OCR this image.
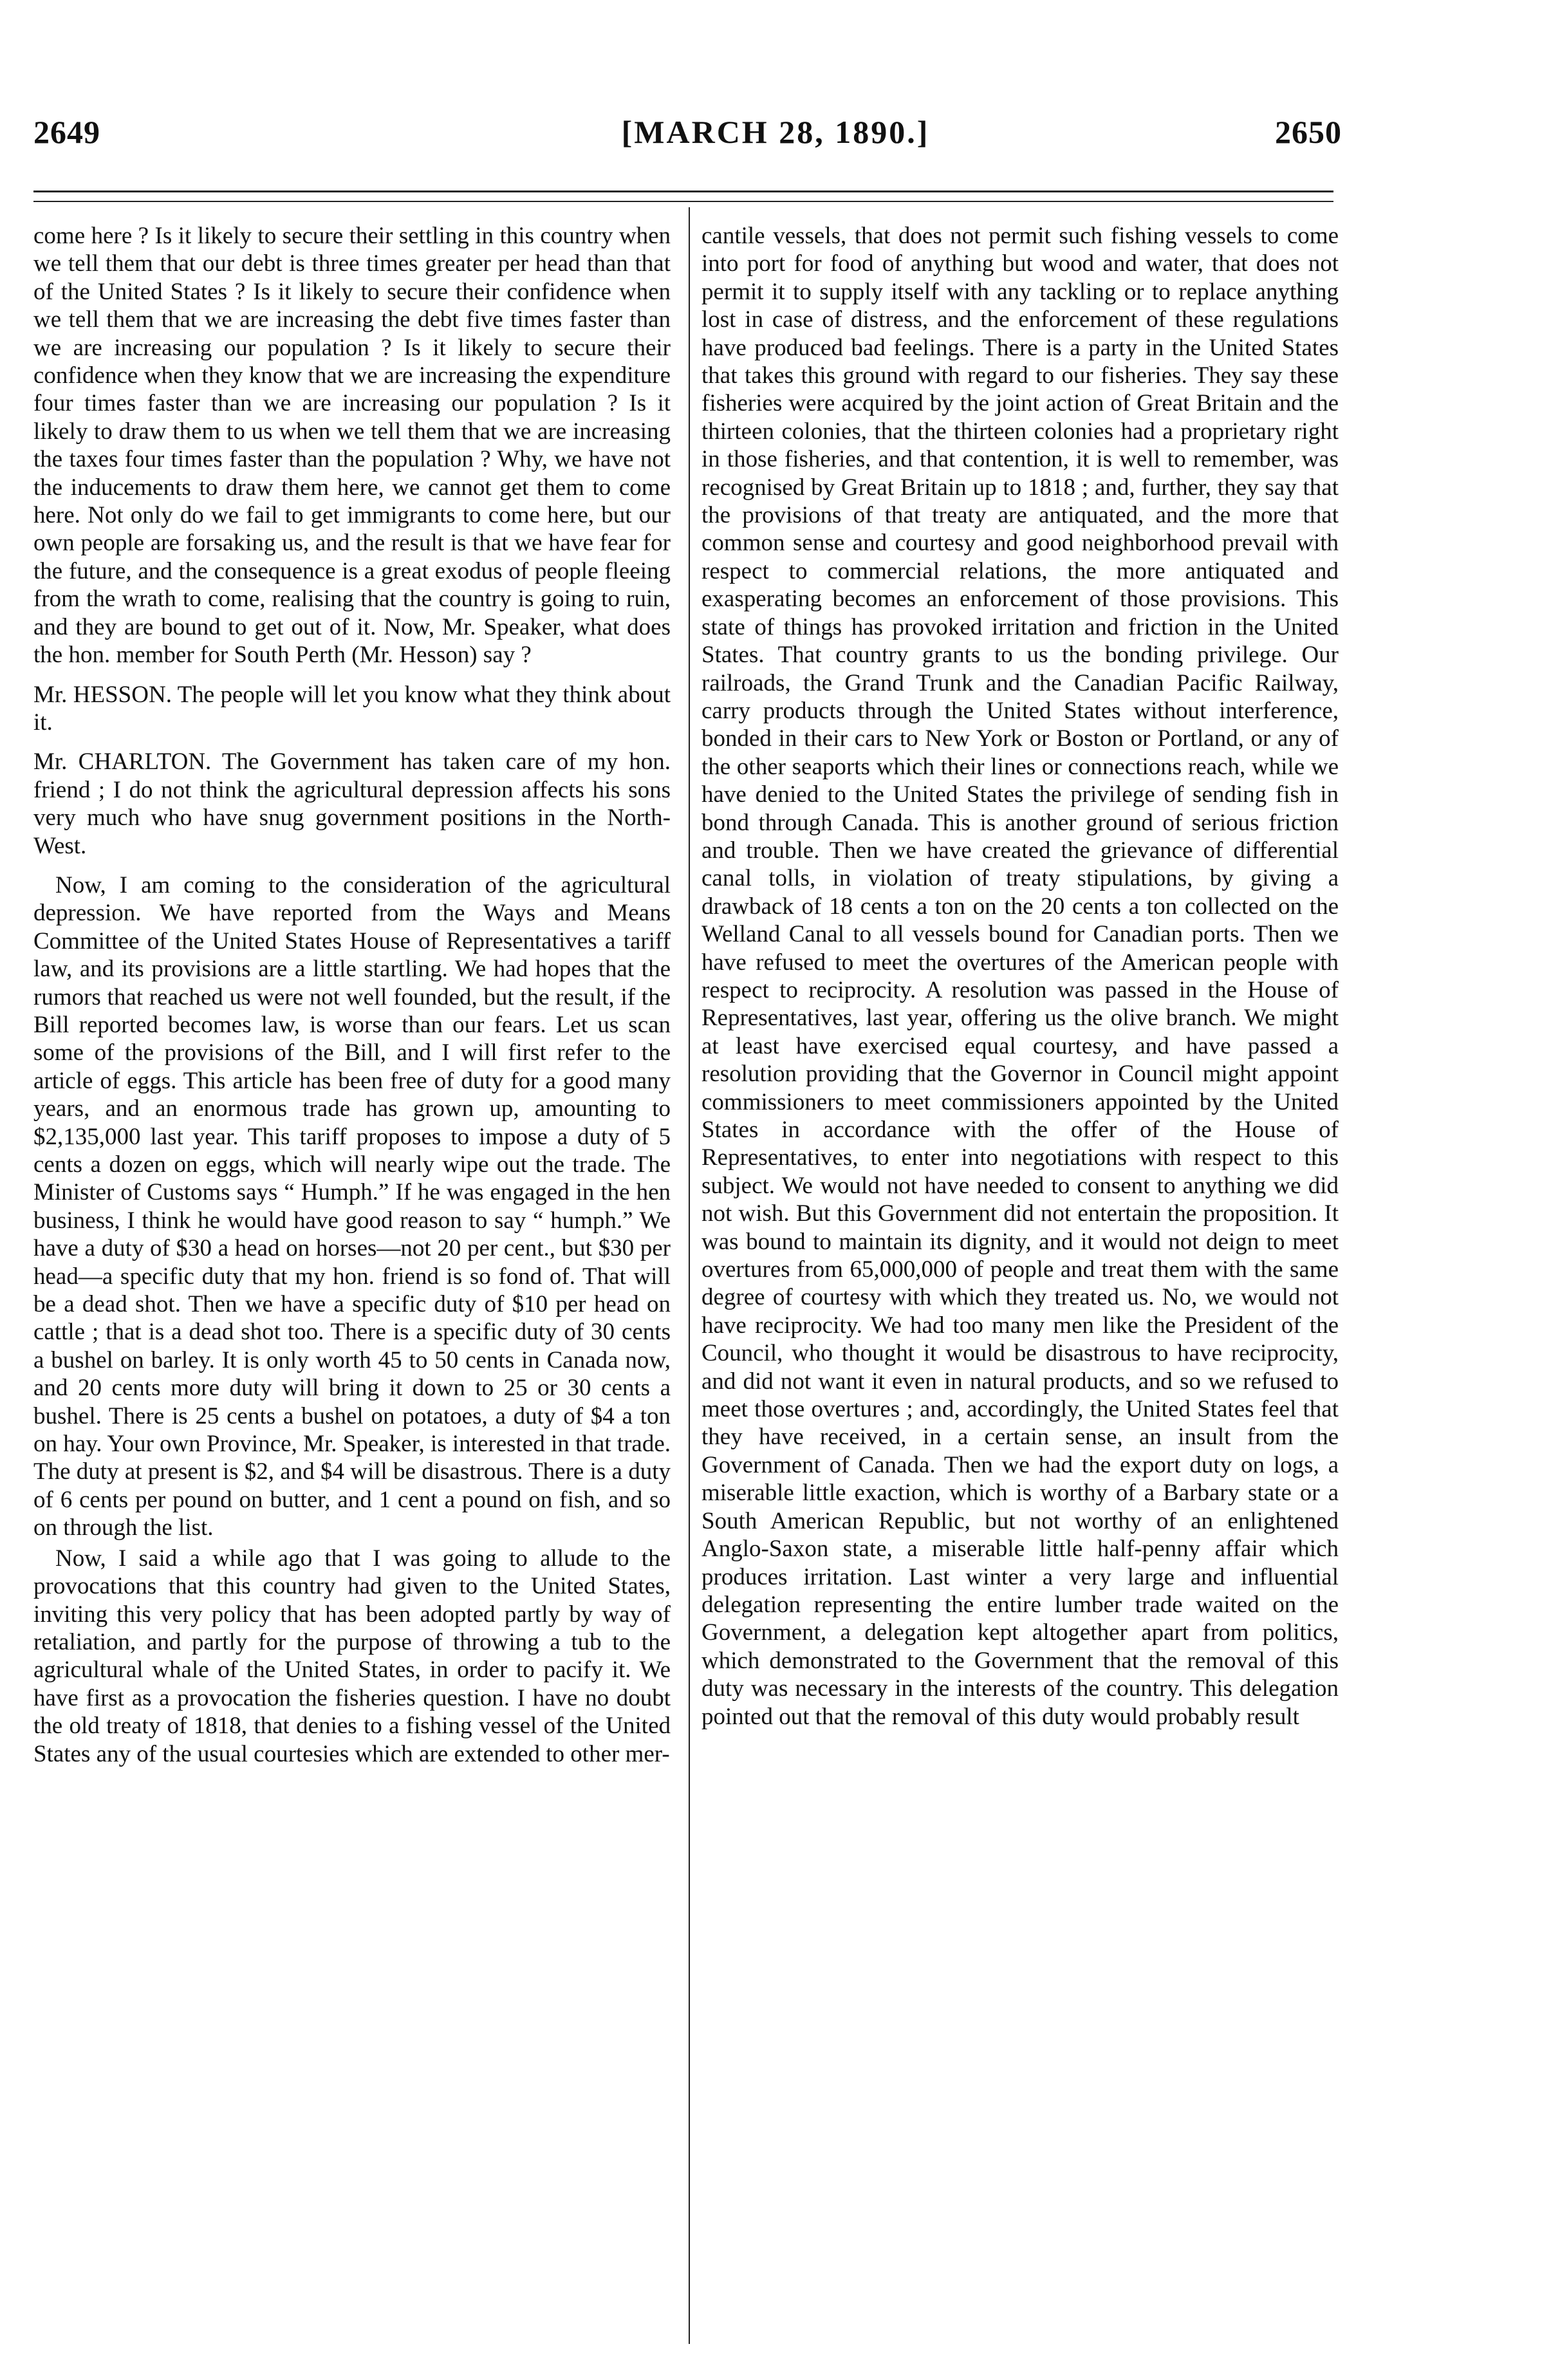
2649	[MARCH 28, 1890.]	2650

come here ? Is it likely to secure their settling in this country when we tell them that our debt is three times greater per head than that of the United States ? Is it likely to secure their confidence when we tell them that we are increasing the debt five times faster than we are increasing our population ? Is it likely to secure their confidence when they know that we are increasing the expenditure four times faster than we are increasing our population ? Is it likely to draw them to us when we tell them that we are increasing the taxes four times faster than the population ? Why, we have not the inducements to draw them here, we cannot get them to come here. Not only do we fail to get immigrants to come here, but our own people are forsaking us, and the result is that we have fear for the future, and the consequence is a great exodus of people fleeing from the wrath to come, realising that the country is going to ruin, and they are bound to get out of it. Now, Mr. Speaker, what does the hon. member for South Perth (Mr. Hesson) say ?

Mr. HESSON. The people will let you know what they think about it.

Mr. CHARLTON. The Government has taken care of my hon. friend ; I do not think the agricultural depression affects his sons very much who have snug government positions in the North-West.

Now, I am coming to the consideration of the agricultural depression. We have reported from the Ways and Means Committee of the United States House of Representatives a tariff law, and its provisions are a little startling. We had hopes that the rumors that reached us were not well founded, but the result, if the Bill reported becomes law, is worse than our fears. Let us scan some of the provisions of the Bill, and I will first refer to the article of eggs. This article has been free of duty for a good many years, and an enormous trade has grown up, amounting to $2,135,000 last year. This tariff proposes to impose a duty of 5 cents a dozen on eggs, which will nearly wipe out the trade. The Minister of Customs says “ Humph.” If he was engaged in the hen business, I think he would have good reason to say “ humph.” We have a duty of $30 a head on horses—not 20 per cent., but $30 per head—a specific duty that my hon. friend is so fond of. That will be a dead shot. Then we have a specific duty of $10 per head on cattle ; that is a dead shot too. There is a specific duty of 30 cents a bushel on barley. It is only worth 45 to 50 cents in Canada now, and 20 cents more duty will bring it down to 25 or 30 cents a bushel. There is 25 cents a bushel on potatoes, a duty of $4 a ton on hay. Your own Province, Mr. Speaker, is interested in that trade. The duty at present is $2, and $4 will be disastrous. There is a duty of 6 cents per pound on butter, and 1 cent a pound on fish, and so on through the list.

Now, I said a while ago that I was going to allude to the provocations that this country had given to the United States, inviting this very policy that has been adopted partly by way of retaliation, and partly for the purpose of throwing a tub to the agricultural whale of the United States, in order to pacify it. We have first as a provocation the fisheries question. I have no doubt the old treaty of 1818, that denies to a fishing vessel of the United States any of the usual courtesies which are extended to other mer-

cantile vessels, that does not permit such fishing vessels to come into port for food of anything but wood and water, that does not permit it to supply itself with any tackling or to replace anything lost in case of distress, and the enforcement of these regulations have produced bad feelings. There is a party in the United States that takes this ground with regard to our fisheries. They say these fisheries were acquired by the joint action of Great Britain and the thirteen colonies, that the thirteen colonies had a proprietary right in those fisheries, and that contention, it is well to remember, was recognised by Great Britain up to 1818 ; and, further, they say that the provisions of that treaty are antiquated, and the more that common sense and courtesy and good neighborhood prevail with respect to commercial relations, the more antiquated and exasperating becomes an enforcement of those provisions. This state of things has provoked irritation and friction in the United States. That country grants to us the bonding privilege. Our railroads, the Grand Trunk and the Canadian Pacific Railway, carry products through the United States without interference, bonded in their cars to New York or Boston or Portland, or any of the other seaports which their lines or connections reach, while we have denied to the United States the privilege of sending fish in bond through Canada. This is another ground of serious friction and trouble. Then we have created the grievance of differential canal tolls, in violation of treaty stipulations, by giving a drawback of 18 cents a ton on the 20 cents a ton collected on the Welland Canal to all vessels bound for Canadian ports. Then we have refused to meet the overtures of the American people with respect to reciprocity. A resolution was passed in the House of Representatives, last year, offering us the olive branch. We might at least have exercised equal courtesy, and have passed a resolution providing that the Governor in Council might appoint commissioners to meet commissioners appointed by the United States in accordance with the offer of the House of Representatives, to enter into negotiations with respect to this subject. We would not have needed to consent to anything we did not wish. But this Government did not entertain the proposition. It was bound to maintain its dignity, and it would not deign to meet overtures from 65,000,000 of people and treat them with the same degree of courtesy with which they treated us. No, we would not have reciprocity. We had too many men like the President of the Council, who thought it would be disastrous to have reciprocity, and did not want it even in natural products, and so we refused to meet those overtures ; and, accordingly, the United States feel that they have received, in a certain sense, an insult from the Government of Canada. Then we had the export duty on logs, a miserable little exaction, which is worthy of a Barbary state or a South American Republic, but not worthy of an enlightened Anglo-Saxon state, a miserable little half-penny affair which produces irritation. Last winter a very large and influential delegation representing the entire lumber trade waited on the Government, a delegation kept altogether apart from politics, which demonstrated to the Government that the removal of this duty was necessary in the interests of the country. This delegation pointed out that the removal of this duty would probably result
